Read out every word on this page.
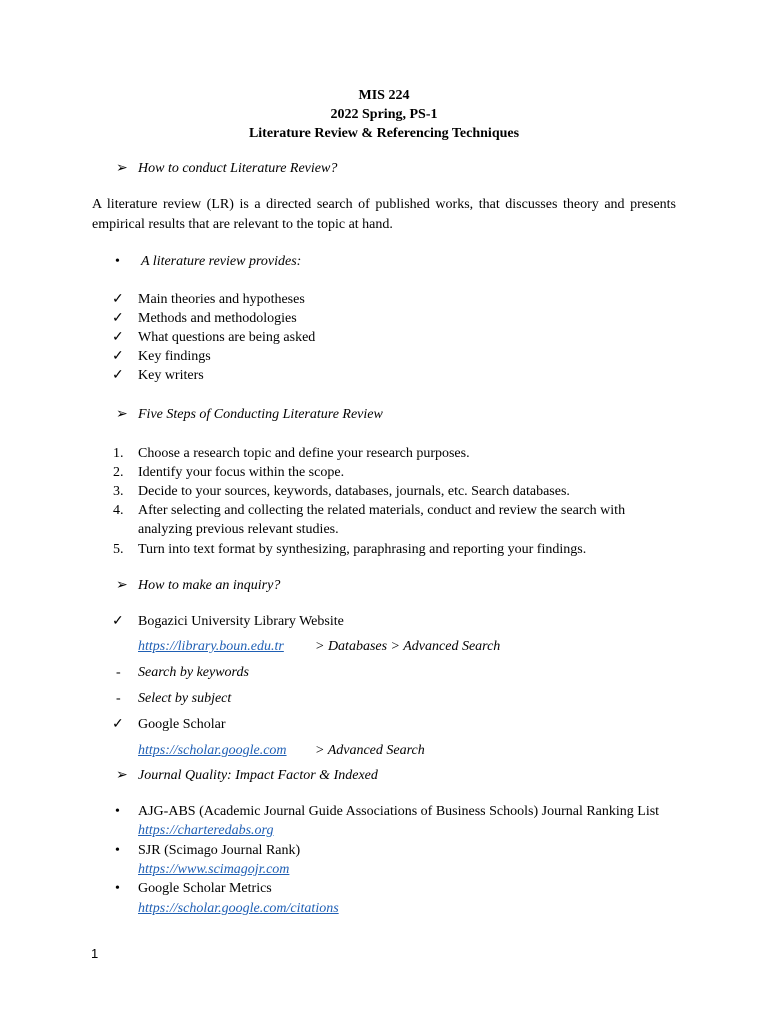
MIS 224
2022 Spring, PS-1
Literature Review & Referencing Techniques
➢ How to conduct Literature Review?
A literature review (LR) is a directed search of published works, that discusses theory and presents empirical results that are relevant to the topic at hand.
• A literature review provides:
✓ Main theories and hypotheses
✓ Methods and methodologies
✓ What questions are being asked
✓ Key findings
✓ Key writers
➢ Five Steps of Conducting Literature Review
1. Choose a research topic and define your research purposes.
2. Identify your focus within the scope.
3. Decide to your sources, keywords, databases, journals, etc. Search databases.
4. After selecting and collecting the related materials, conduct and review the search with
analyzing previous relevant studies.
5. Turn into text format by synthesizing, paraphrasing and reporting your findings.
➢ How to make an inquiry?
✓ Bogazici University Library Website
https://library.boun.edu.tr > Databases > Advanced Search
- Search by keywords
- Select by subject
✓ Google Scholar
https://scholar.google.com > Advanced Search
➢ Journal Quality: Impact Factor & Indexed
• AJG-ABS (Academic Journal Guide Associations of Business Schools) Journal Ranking List
https://charteredabs.org
• SJR (Scimago Journal Rank)
https://www.scimagojr.com
• Google Scholar Metrics
https://scholar.google.com/citations
1
